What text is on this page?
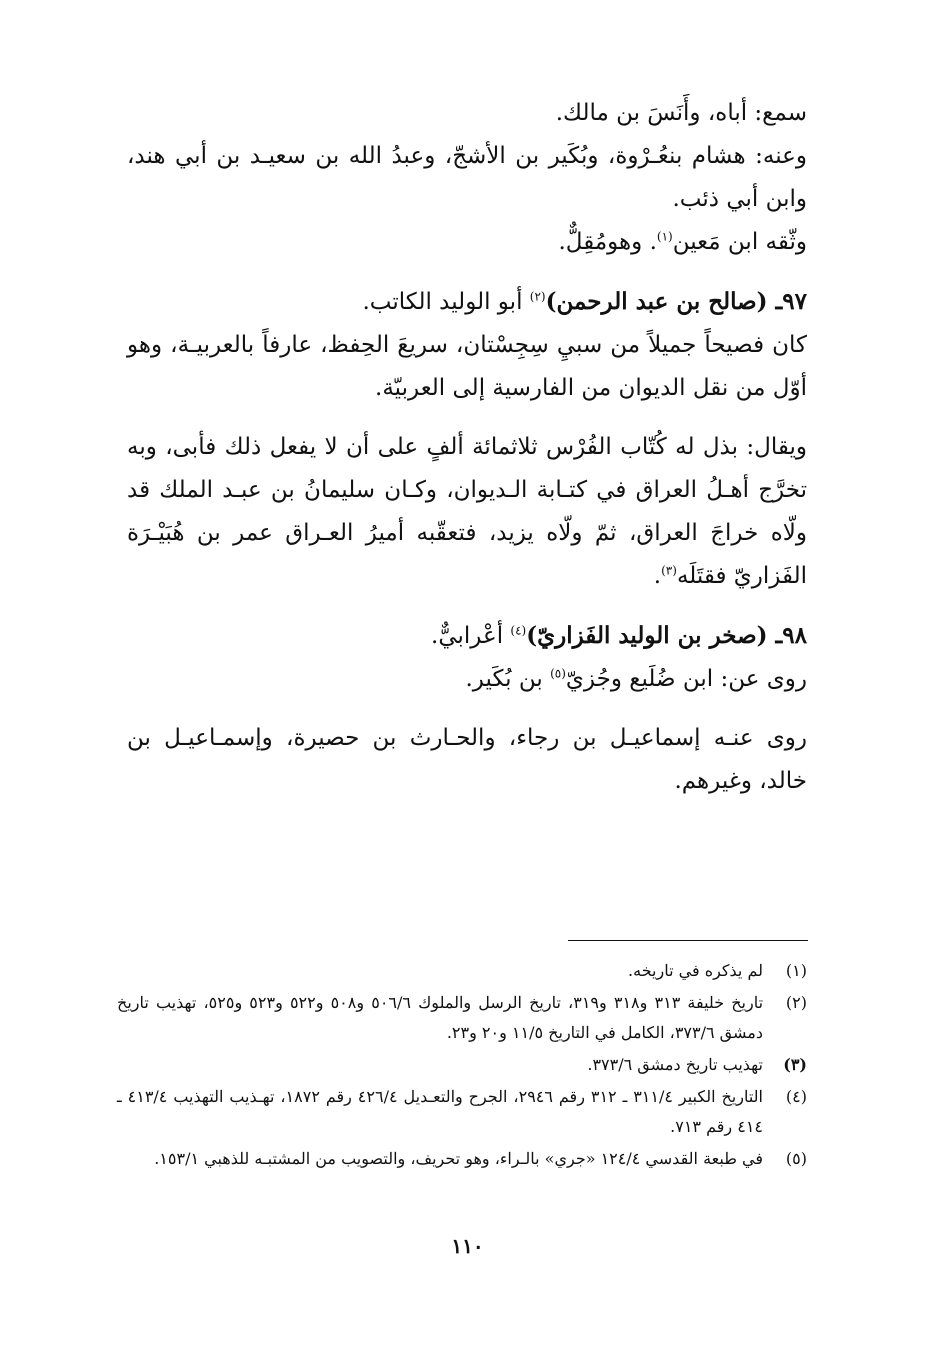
سمع: أباه، وأَنَسَ بن مالك.

وعنه: هشام بنعُـرْوة، وبُكَير بن الأشجّ، وعبدُ الله بن سعيـد بن أبي هند، وابن أبي ذئب.

وثّقه ابن مَعين$^{(١)}$. وهومُقِلٌّ.

٩٧ـ (صالح بن عبد الرحمن)$^{(٢)}$ أبو الوليد الكاتب.

كان فصيحاً جميلاً من سبيِ سِجِسْتان، سريعَ الحِفظ، عارفاً بالعربيـة، وهو أوّل من نقل الديوان من الفارسية إلى العربيّة.

ويقال: بذل له كُتّاب الفُرْس ثلاثمائة ألفٍ على أن لا يفعل ذلك فأبى، وبه تخرَّج أهـلُ العراق في كتـابة الـديوان، وكـان سليمانُ بن عبـد الملك قد ولّاه خراجَ العراق، ثمّ ولّاه يزيد، فتعقّبه أميرُ العـراق عمر بن هُبَيْـرَة الفَزاريّ فقتَلَه$^{(٣)}$.

٩٨ـ (صخر بن الوليد الفَزاريّ)$^{(٤)}$ أعْرابيٌّ.

روى عن: ابن ضُلَيع وجُزيّ$^{(٥)}$ بن بُكَير.

روى عنـه إسماعيـل بن رجاء، والحـارث بن حصيرة، وإسمـاعيـل بن خالد، وغيرهم.

(١)
لم يذكره في تاريخه.
(٢)
تاريخ خليفة ٣١٣ و٣١٨ و٣١٩، تاريخ الرسل والملوك ٥٠٦/٦ و٥٠٨ و٥٢٢ و٥٢٣ و٥٢٥، تهذيب تاريخ دمشق ٣٧٣/٦، الكامل في التاريخ ١١/٥ و٢٠ و٢٣.
(٣)
تهذيب تاريخ دمشق ٣٧٣/٦.
(٤)
التاريخ الكبير ٣١١/٤ ـ ٣١٢ رقم ٢٩٤٦، الجرح والتعـديل ٤٢٦/٤ رقم ١٨٧٢، تهـذيب التهذيب ٤١٣/٤ ـ ٤١٤ رقم ٧١٣.
(٥)
في طبعة القدسي ١٢٤/٤ «جري» بالـراء، وهو تحريف، والتصويب من المشتبـه للذهبي ١٥٣/١.
١١٠
